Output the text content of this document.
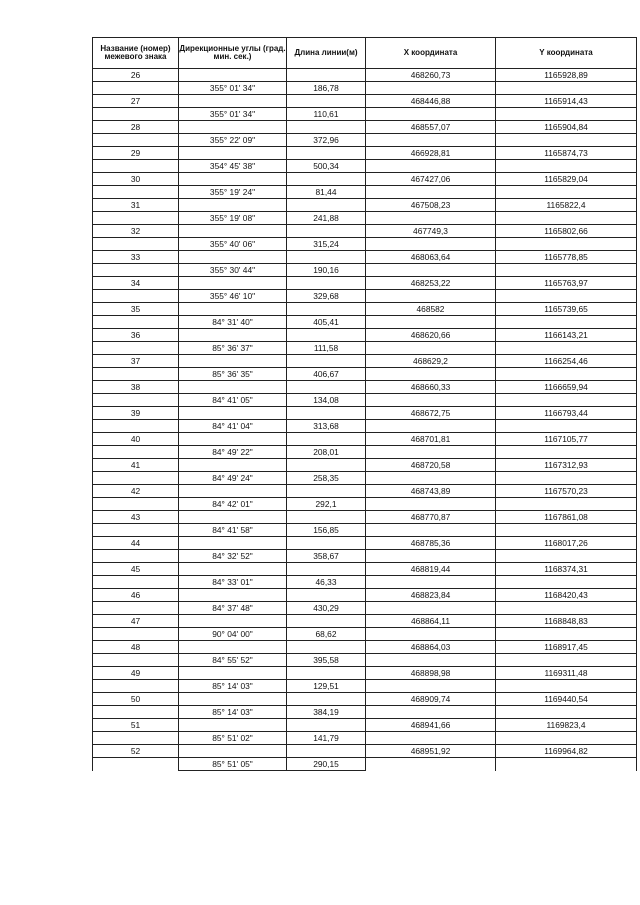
Название (номер) межевого знака	Дирекционные углы (град. мин. сек.)	Длина линии(м)	X координата	Y координата
26			468260,73	1165928,89
	355° 01' 34"	186,78		
27			468446,88	1165914,43
	355° 01' 34"	110,61		
28			468557,07	1165904,84
	355° 22' 09"	372,96		
29			466928,81	1165874,73
	354° 45' 38"	500,34		
30			467427,06	1165829,04
	355° 19' 24"	81,44		
31			467508,23	1165822,4
	355° 19' 08"	241,88		
32			467749,3	1165802,66
	355° 40' 06"	315,24		
33			468063,64	1165778,85
	355° 30' 44"	190,16		
34			468253,22	1165763,97
	355° 46' 10"	329,68		
35			468582	1165739,65
	84° 31' 40"	405,41		
36			468620,66	1166143,21
	85° 36' 37"	111,58		
37			468629,2	1166254,46
	85° 36' 35"	406,67		
38			468660,33	1166659,94
	84° 41' 05"	134,08		
39			468672,75	1166793,44
	84° 41' 04"	313,68		
40			468701,81	1167105,77
	84° 49' 22"	208,01		
41			468720,58	1167312,93
	84° 49' 24"	258,35		
42			468743,89	1167570,23
	84° 42' 01"	292,1		
43			468770,87	1167861,08
	84° 41' 58"	156,85		
44			468785,36	1168017,26
	84° 32' 52"	358,67		
45			468819,44	1168374,31
	84° 33' 01"	46,33		
46			468823,84	1168420,43
	84° 37' 48"	430,29		
47			468864,11	1168848,83
	90° 04' 00"	68,62		
48			468864,03	1168917,45
	84° 55' 52"	395,58		
49			468898,98	1169311,48
	85° 14' 03"	129,51		
50			468909,74	1169440,54
	85° 14' 03"	384,19		
51			468941,66	1169823,4
	85° 51' 02"	141,79		
52			468951,92	1169964,82
	85° 51' 05"	290,15		
